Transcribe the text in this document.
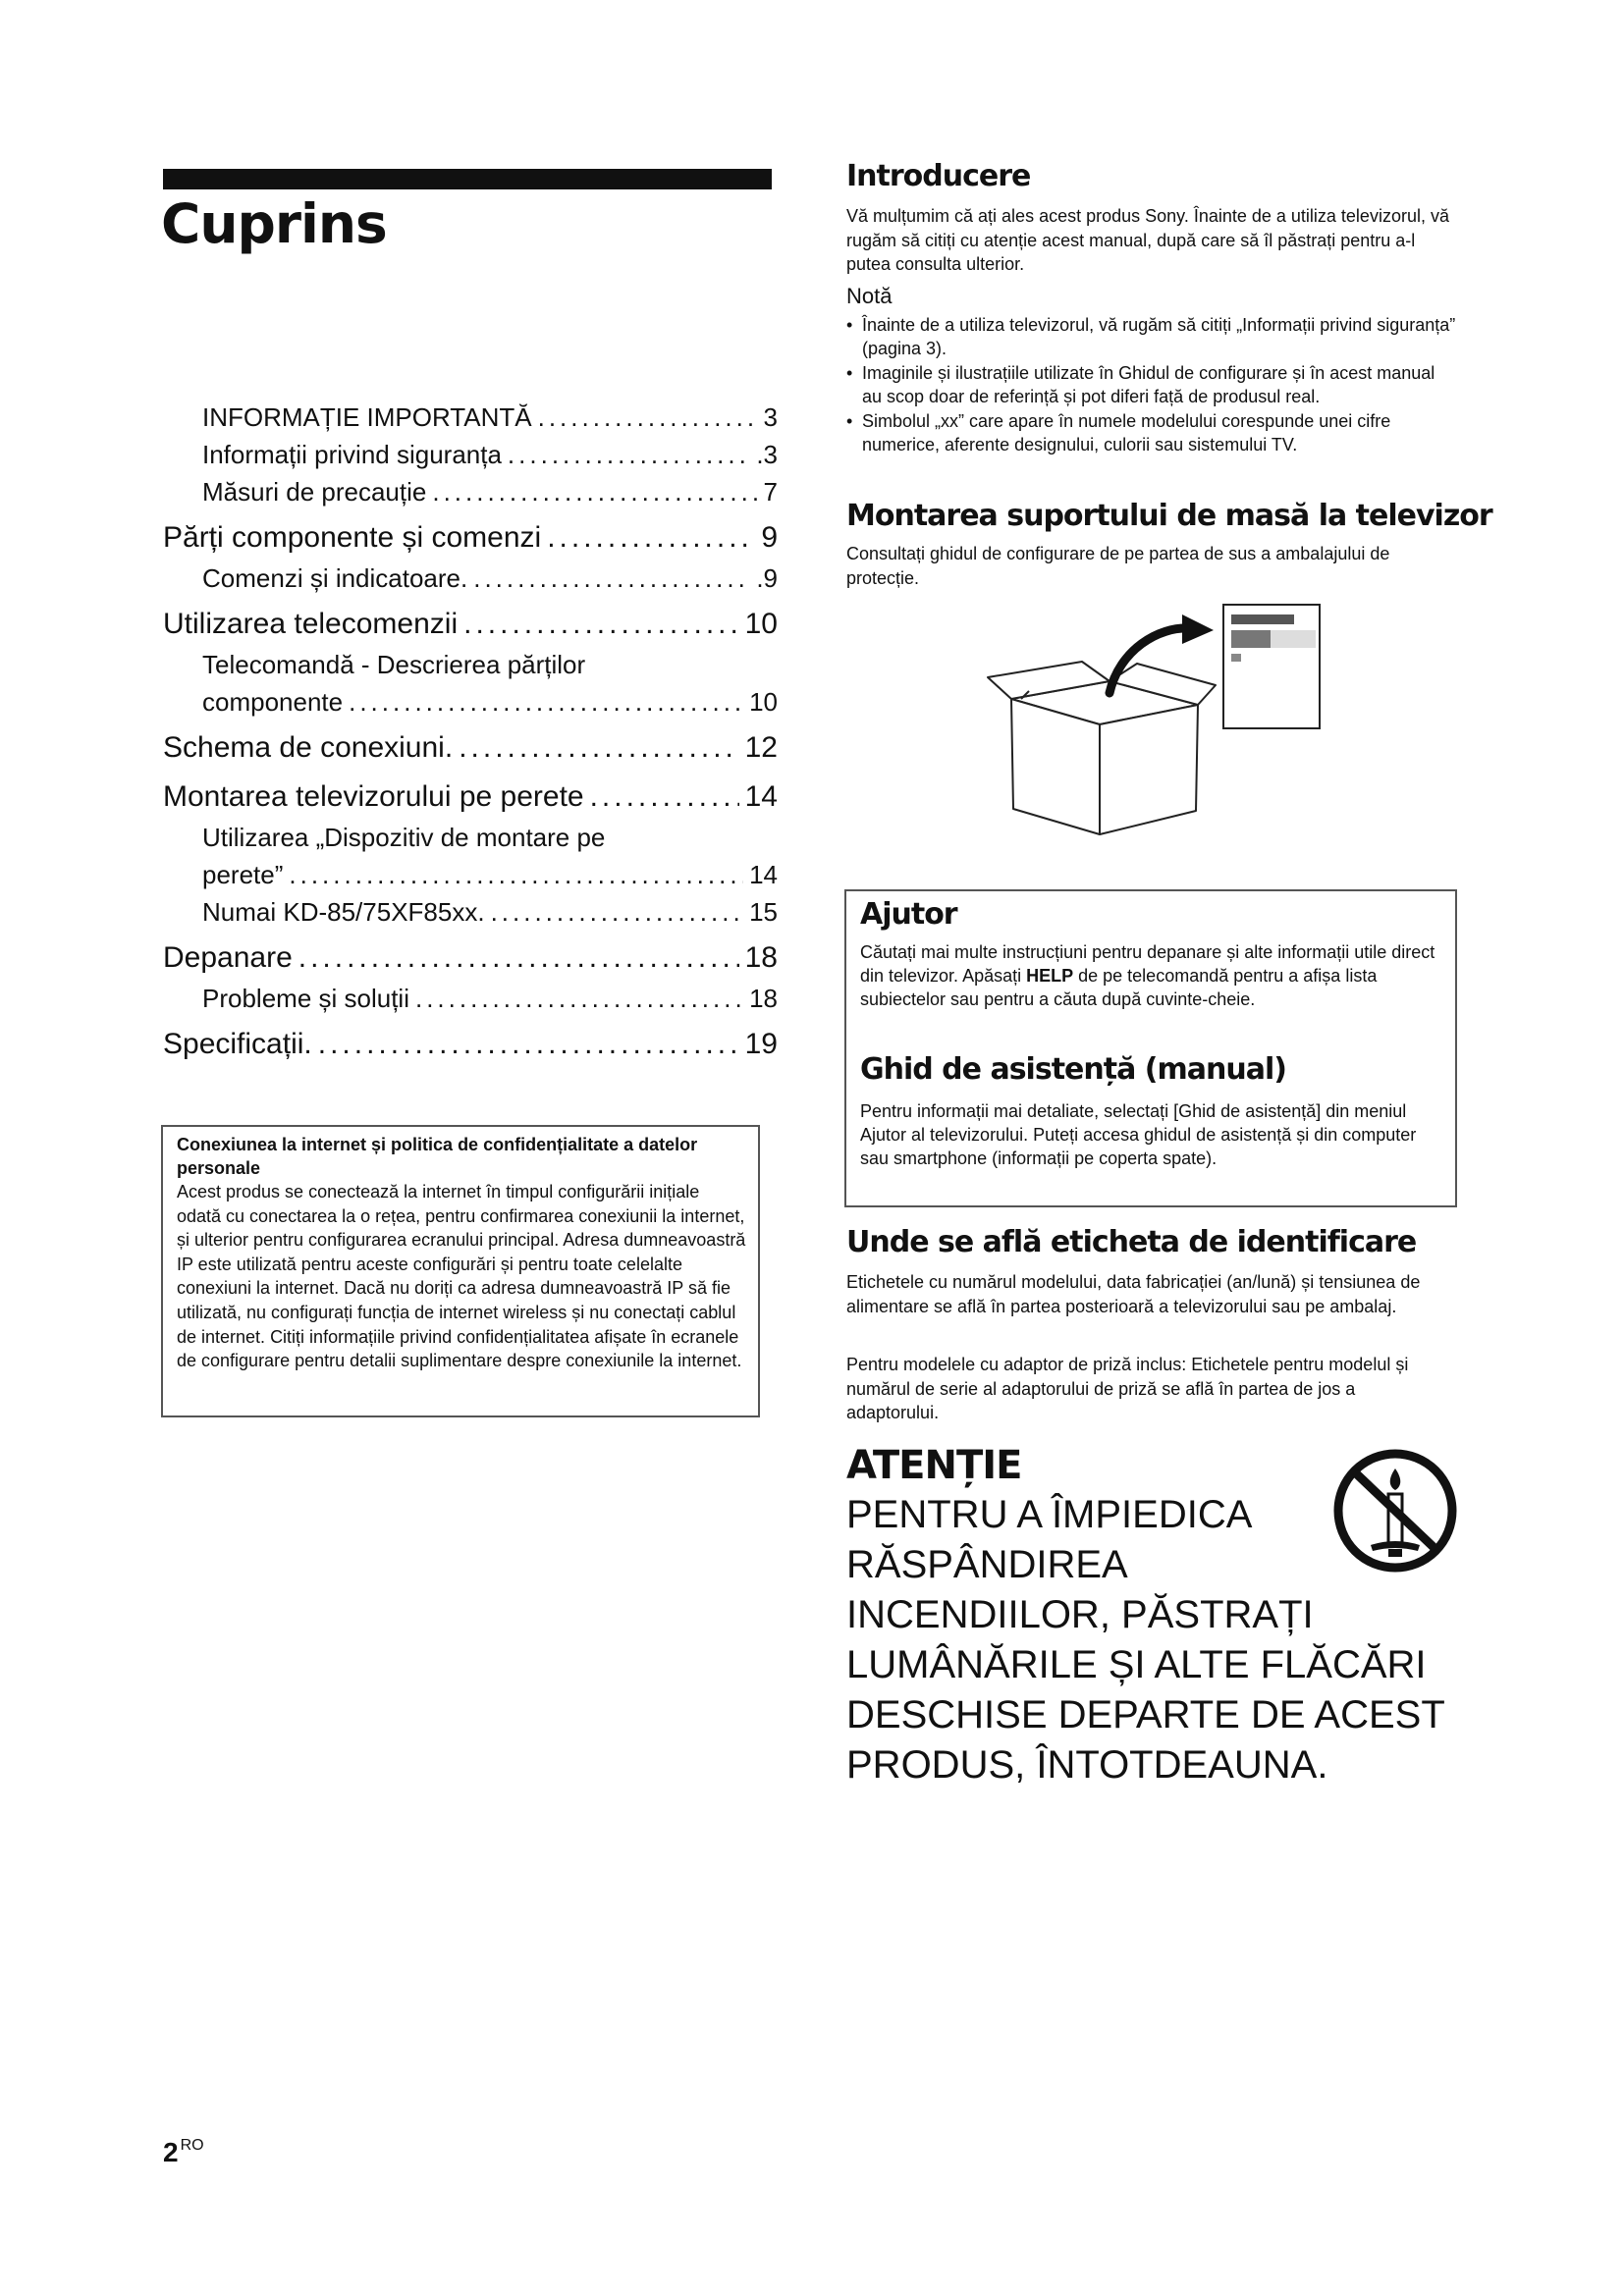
Cuprins
INFORMAȚIE IMPORTANTĂ .....	3
Informații privind siguranța .....	.3
Măsuri de precauție .....	7
Părți componente și comenzi .....	9
Comenzi și indicatoare. .....	.9
Utilizarea telecomenzii .....	10
Telecomandă - Descrierea părților
componente .....	10
Schema de conexiuni. .....	12
Montarea televizorului pe perete .....	14
Utilizarea „Dispozitiv de montare pe
perete” .....	14
Numai KD-85/75XF85xx. .....	15
Depanare .....	18
Probleme și soluții .....	18
Specificații. .....	19
Conexiunea la internet și politica de confidențialitate a datelor personale

Acest produs se conectează la internet în timpul configurării inițiale odată cu conectarea la o rețea, pentru confirmarea conexiunii la internet, și ulterior pentru configurarea ecranului principal. Adresa dumneavoastră IP este utilizată pentru aceste configurări și pentru toate celelalte conexiuni la internet. Dacă nu doriți ca adresa dumneavoastră IP să fie utilizată, nu configurați funcția de internet wireless și nu conectați cablul de internet. Citiți informațiile privind confidențialitatea afișate în ecranele de configurare pentru detalii suplimentare despre conexiunile la internet.

2 $^{RO}$
Introducere

Vă mulțumim că ați ales acest produs Sony. Înainte de a utiliza televizorul, vă rugăm să citiți cu atenție acest manual, după care să îl păstrați pentru a-l putea consulta ulterior.

Notă

• Înainte de a utiliza televizorul, vă rugăm să citiți „Informații privind siguranța” (pagina 3).
• Imaginile și ilustrațiile utilizate în Ghidul de configurare și în acest manual au scop doar de referință și pot diferi față de produsul real.
• Simbolul „xx” care apare în numele modelului corespunde unei cifre numerice, aferente designului, culorii sau sistemului TV.
Montarea suportului de masă la televizor

Consultați ghidul de configurare de pe partea de sus a ambalajului de protecție.

Ajutor

Căutați mai multe instrucțiuni pentru depanare și alte informații utile direct din televizor. Apăsați HELP de pe telecomandă pentru a afișa lista subiectelor sau pentru a căuta după cuvinte-cheie.

Ghid de asistență (manual)

Pentru informații mai detaliate, selectați [Ghid de asistență] din meniul Ajutor al televizorului. Puteți accesa ghidul de asistență și din computer sau smartphone (informații pe coperta spate).

Unde se află eticheta de identificare

Etichetele cu numărul modelului, data fabricației (an/lună) și tensiunea de alimentare se află în partea posterioară a televizorului sau pe ambalaj.

Pentru modelele cu adaptor de priză inclus: Etichetele pentru modelul și numărul de serie al adaptorului de priză se află în partea de jos a adaptorului.

ATENȚIE
PENTRU A ÎMPIEDICA
RĂSPÂNDIREA
INCENDIILOR, PĂSTRAȚI
LUMÂNĂRILE ȘI ALTE FLĂCĂRI
DESCHISE DEPARTE DE ACEST
PRODUS, ÎNTOTDEAUNA.
